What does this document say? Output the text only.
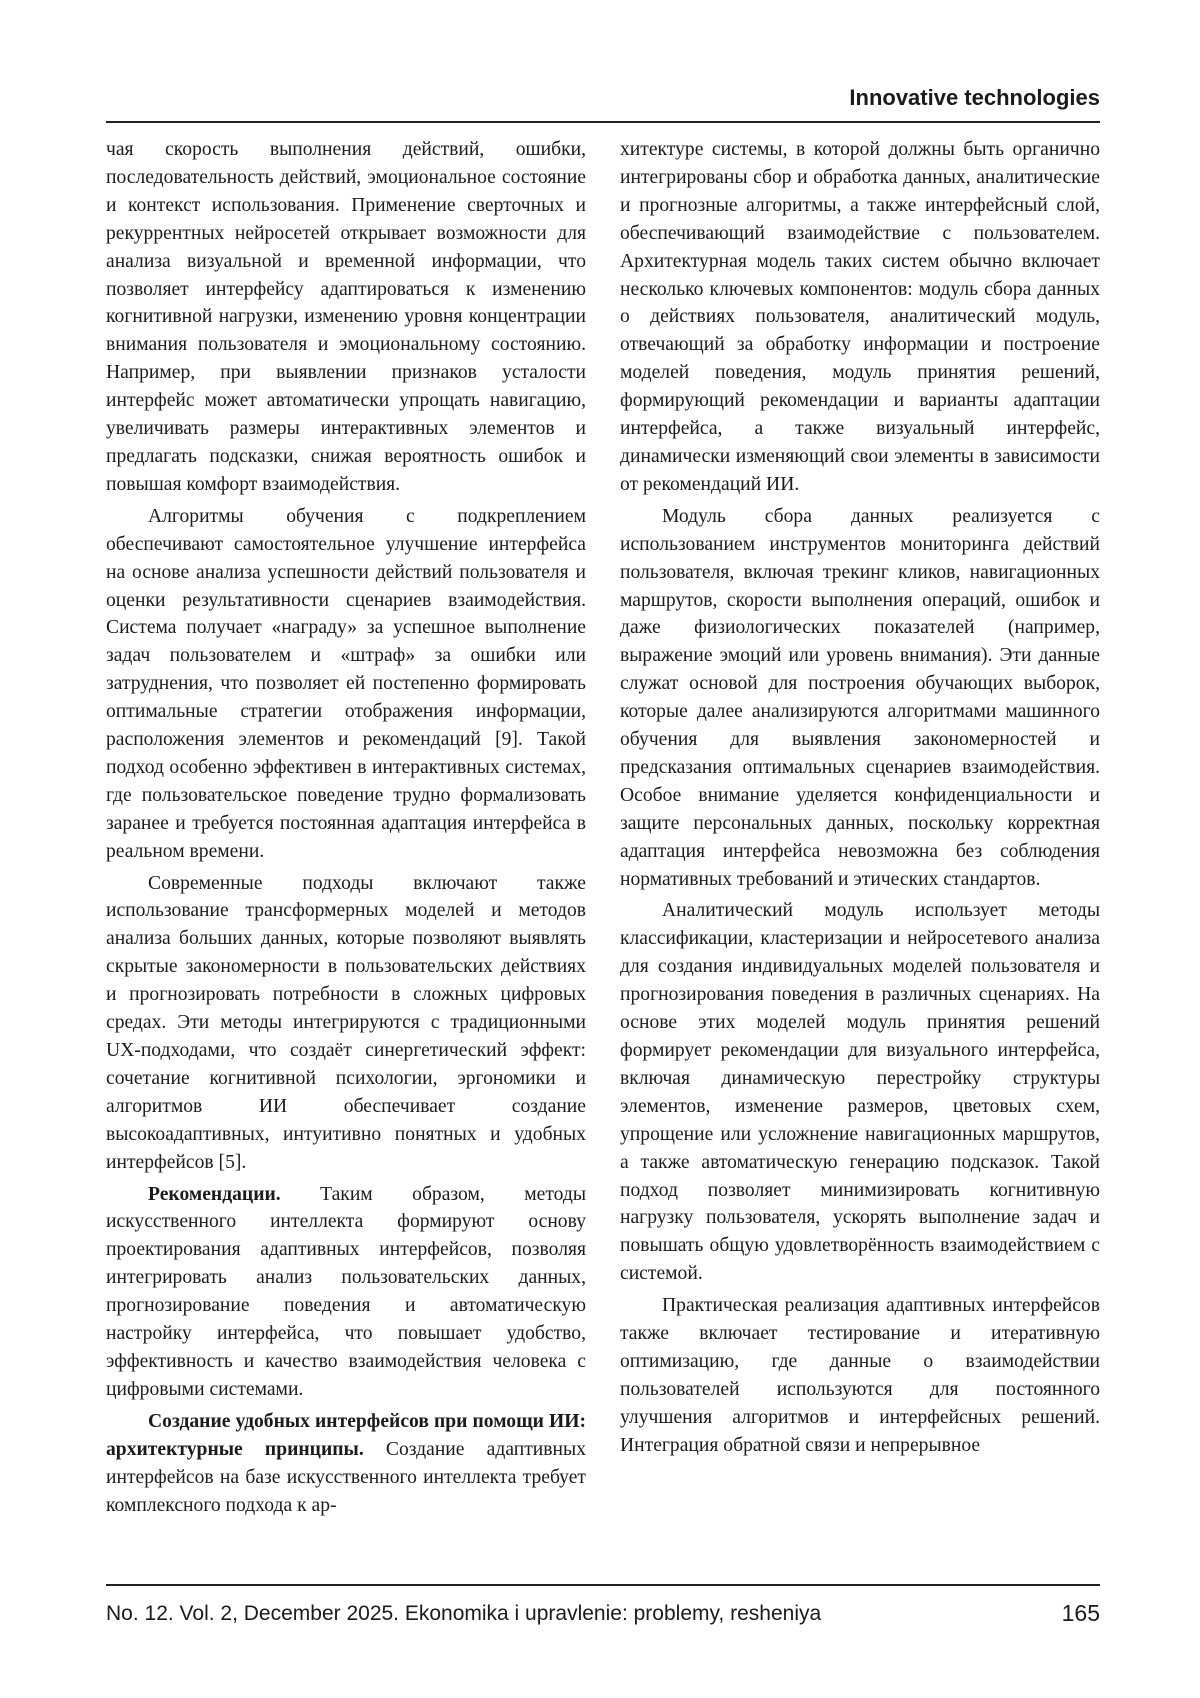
Innovative technologies

чая скорость выполнения действий, ошибки, последовательность действий, эмоциональное состояние и контекст использования. Применение сверточных и рекуррентных нейросетей открывает возможности для анализа визуальной и временной информации, что позволяет интерфейсу адаптироваться к изменению когнитивной нагрузки, изменению уровня концентрации внимания пользователя и эмоциональному состоянию. Например, при выявлении признаков усталости интерфейс может автоматически упрощать навигацию, увеличивать размеры интерактивных элементов и предлагать подсказки, снижая вероятность ошибок и повышая комфорт взаимодействия.

Алгоритмы обучения с подкреплением обеспечивают самостоятельное улучшение интерфейса на основе анализа успешности действий пользователя и оценки результативности сценариев взаимодействия. Система получает «награду» за успешное выполнение задач пользователем и «штраф» за ошибки или затруднения, что позволяет ей постепенно формировать оптимальные стратегии отображения информации, расположения элементов и рекомендаций [9]. Такой подход особенно эффективен в интерактивных системах, где пользовательское поведение трудно формализовать заранее и требуется постоянная адаптация интерфейса в реальном времени.

Современные подходы включают также использование трансформерных моделей и методов анализа больших данных, которые позволяют выявлять скрытые закономерности в пользовательских действиях и прогнозировать потребности в сложных цифровых средах. Эти методы интегрируются с традиционными UX-подходами, что создаёт синергетический эффект: сочетание когнитивной психологии, эргономики и алгоритмов ИИ обеспечивает создание высокоадаптивных, интуитивно понятных и удобных интерфейсов [5].

Рекомендации. Таким образом, методы искусственного интеллекта формируют основу проектирования адаптивных интерфейсов, позволяя интегрировать анализ пользовательских данных, прогнозирование поведения и автоматическую настройку интерфейса, что повышает удобство, эффективность и качество взаимодействия человека с цифровыми системами.

Создание удобных интерфейсов при помощи ИИ: архитектурные принципы. Создание адаптивных интерфейсов на базе искусственного интеллекта требует комплексного подхода к ар-

хитектуре системы, в которой должны быть органично интегрированы сбор и обработка данных, аналитические и прогнозные алгоритмы, а также интерфейсный слой, обеспечивающий взаимодействие с пользователем. Архитектурная модель таких систем обычно включает несколько ключевых компонентов: модуль сбора данных о действиях пользователя, аналитический модуль, отвечающий за обработку информации и построение моделей поведения, модуль принятия решений, формирующий рекомендации и варианты адаптации интерфейса, а также визуальный интерфейс, динамически изменяющий свои элементы в зависимости от рекомендаций ИИ.

Модуль сбора данных реализуется с использованием инструментов мониторинга действий пользователя, включая трекинг кликов, навигационных маршрутов, скорости выполнения операций, ошибок и даже физиологических показателей (например, выражение эмоций или уровень внимания). Эти данные служат основой для построения обучающих выборок, которые далее анализируются алгоритмами машинного обучения для выявления закономерностей и предсказания оптимальных сценариев взаимодействия. Особое внимание уделяется конфиденциальности и защите персональных данных, поскольку корректная адаптация интерфейса невозможна без соблюдения нормативных требований и этических стандартов.

Аналитический модуль использует методы классификации, кластеризации и нейросетевого анализа для создания индивидуальных моделей пользователя и прогнозирования поведения в различных сценариях. На основе этих моделей модуль принятия решений формирует рекомендации для визуального интерфейса, включая динамическую перестройку структуры элементов, изменение размеров, цветовых схем, упрощение или усложнение навигационных маршрутов, а также автоматическую генерацию подсказок. Такой подход позволяет минимизировать когнитивную нагрузку пользователя, ускорять выполнение задач и повышать общую удовлетворённость взаимодействием с системой.

Практическая реализация адаптивных интерфейсов также включает тестирование и итеративную оптимизацию, где данные о взаимодействии пользователей используются для постоянного улучшения алгоритмов и интерфейсных решений. Интеграция обратной связи и непрерывное

No. 12. Vol. 2, December 2025. Ekonomika i upravlenie: problemy, resheniya	165
